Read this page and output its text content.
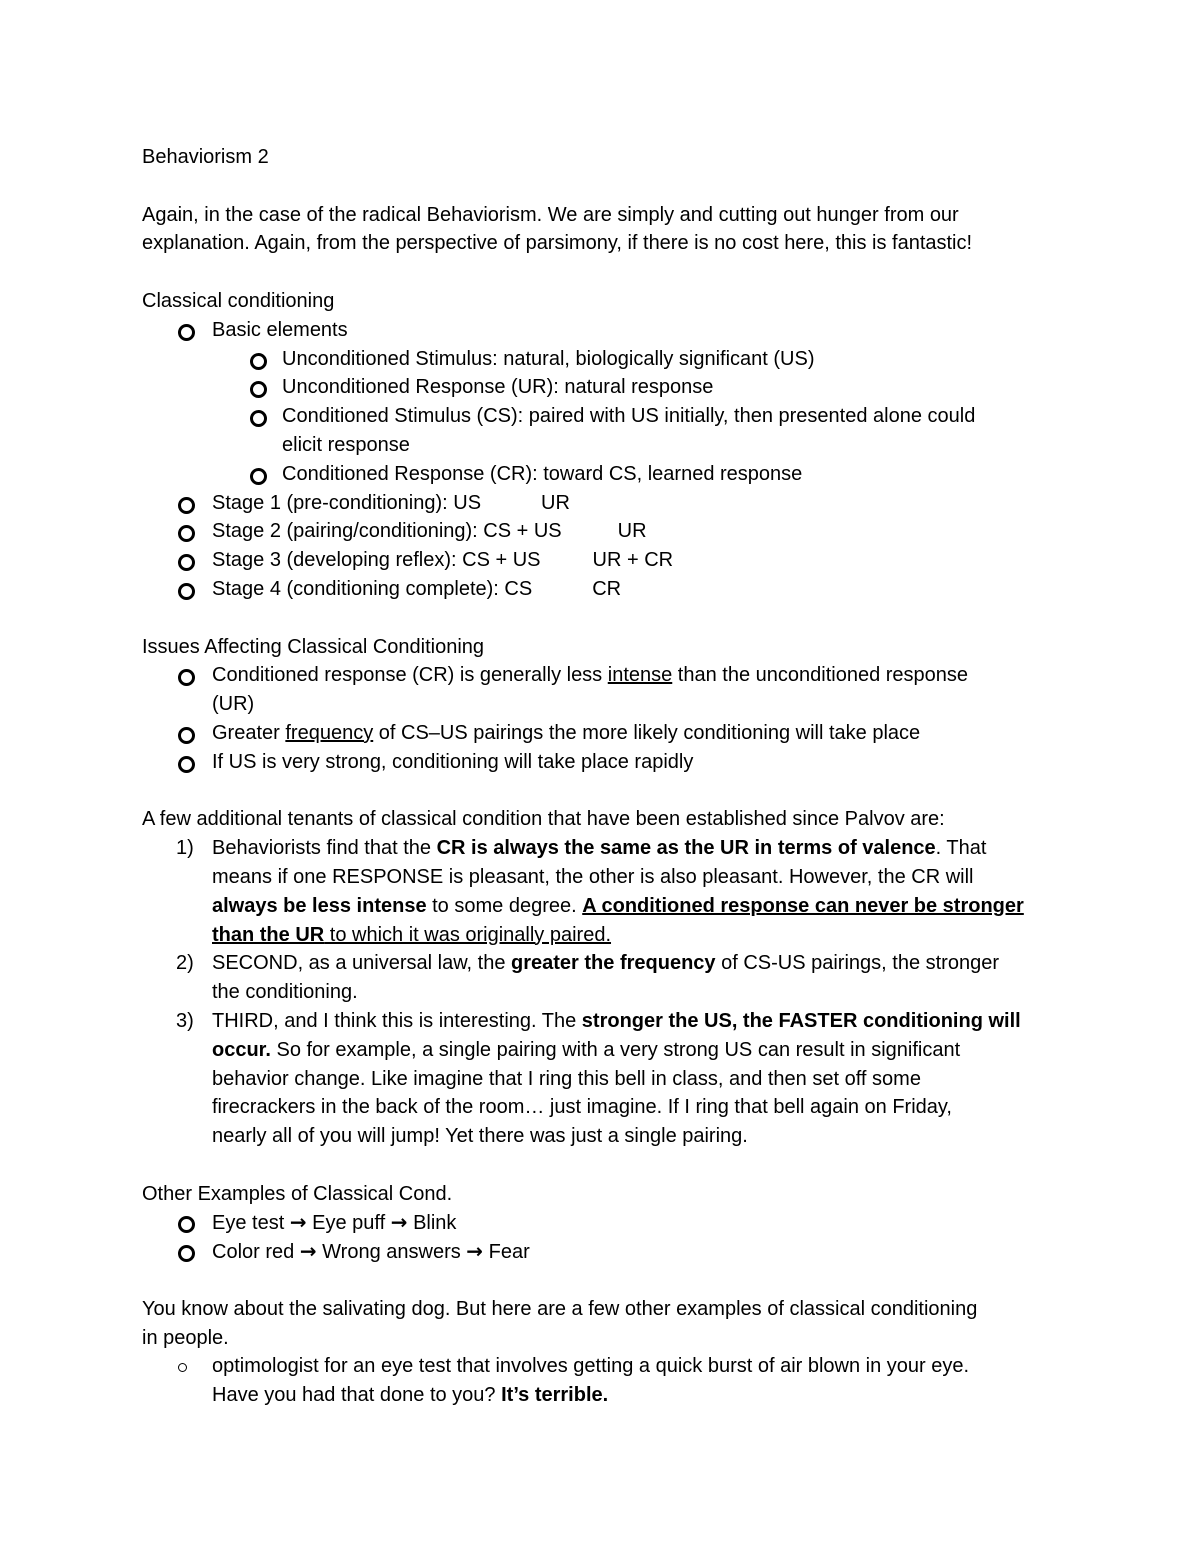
Behaviorism 2
Again, in the case of the radical Behaviorism. We are simply and cutting out hunger from our
explanation. Again, from the perspective of parsimony, if there is no cost here, this is fantastic!
Classical conditioning
Basic elements
Unconditioned Stimulus: natural, biologically significant (US)
Unconditioned Response (UR): natural response
Conditioned Stimulus (CS): paired with US initially, then presented alone could
elicit response
Conditioned Response (CR): toward CS, learned response
Stage 1 (pre-conditioning): US	UR
Stage 2 (pairing/conditioning): CS + US	UR
Stage 3 (developing reflex): CS + US	UR + CR
Stage 4 (conditioning complete): CS	CR
Issues Affecting Classical Conditioning
Conditioned response (CR) is generally less intense than the unconditioned response
(UR)
Greater frequency of CS–US pairings the more likely conditioning will take place
If US is very strong, conditioning will take place rapidly
A few additional tenants of classical condition that have been established since Palvov are:
1) Behaviorists find that the CR is always the same as the UR in terms of valence. That
means if one RESPONSE is pleasant, the other is also pleasant. However, the CR will
always be less intense to some degree. A conditioned response can never be stronger
than the UR to which it was originally paired.
2) SECOND, as a universal law, the greater the frequency of CS-US pairings, the stronger
the conditioning.
3) THIRD, and I think this is interesting. The stronger the US, the FASTER conditioning will
occur. So for example, a single pairing with a very strong US can result in significant
behavior change. Like imagine that I ring this bell in class, and then set off some
firecrackers in the back of the room… just imagine. If I ring that bell again on Friday,
nearly all of you will jump! Yet there was just a single pairing.
Other Examples of Classical Cond.
Eye test → Eye puff → Blink
Color red → Wrong answers → Fear
You know about the salivating dog. But here are a few other examples of classical conditioning
in people.
optimologist for an eye test that involves getting a quick burst of air blown in your eye.
Have you had that done to you? It’s terrible.
